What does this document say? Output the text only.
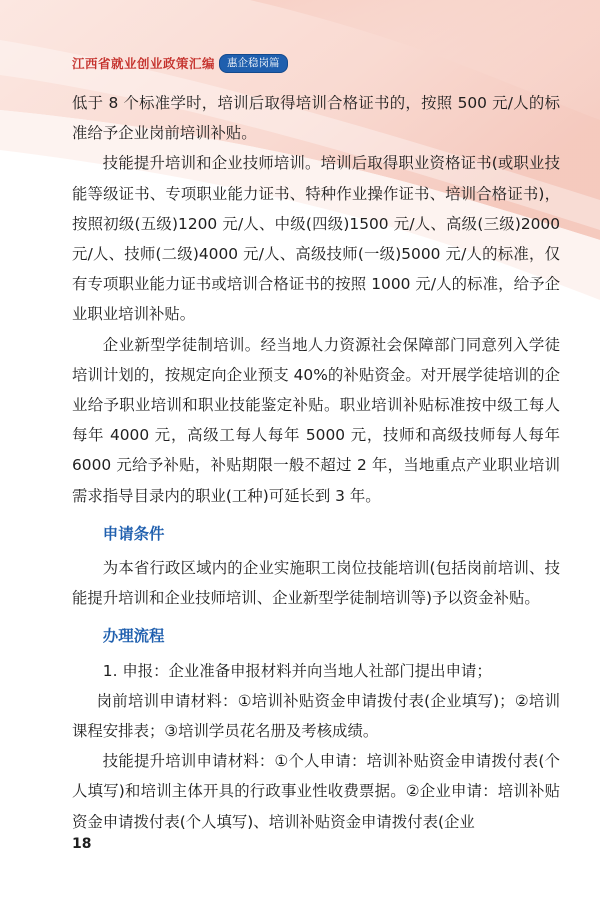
江西省就业创业政策汇编	惠企稳岗篇

低于 8 个标准学时，培训后取得培训合格证书的，按照 500 元/人的标准给予企业岗前培训补贴。

技能提升培训和企业技师培训。培训后取得职业资格证书(或职业技能等级证书、专项职业能力证书、特种作业操作证书、培训合格证书)，按照初级(五级)1200 元/人、中级(四级)1500 元/人、高级(三级)2000 元/人、技师(二级)4000 元/人、高级技师(一级)5000 元/人的标准，仅有专项职业能力证书或培训合格证书的按照 1000 元/人的标准，给予企业职业培训补贴。

企业新型学徒制培训。经当地人力资源社会保障部门同意列入学徒培训计划的，按规定向企业预支 40%的补贴资金。对开展学徒培训的企业给予职业培训和职业技能鉴定补贴。职业培训补贴标准按中级工每人每年 4000 元，高级工每人每年 5000 元，技师和高级技师每人每年 6000 元给予补贴，补贴期限一般不超过 2 年，当地重点产业职业培训需求指导目录内的职业(工种)可延长到 3 年。

申请条件

为本省行政区域内的企业实施职工岗位技能培训(包括岗前培训、技能提升培训和企业技师培训、企业新型学徒制培训等)予以资金补贴。

办理流程

1. 申报：企业准备申报材料并向当地人社部门提出申请；

岗前培训申请材料：①培训补贴资金申请拨付表(企业填写)；②培训课程安排表；③培训学员花名册及考核成绩。

技能提升培训申请材料：①个人申请：培训补贴资金申请拨付表(个人填写)和培训主体开具的行政事业性收费票据。②企业申请：培训补贴资金申请拨付表(个人填写)、培训补贴资金申请拨付表(企业

18
